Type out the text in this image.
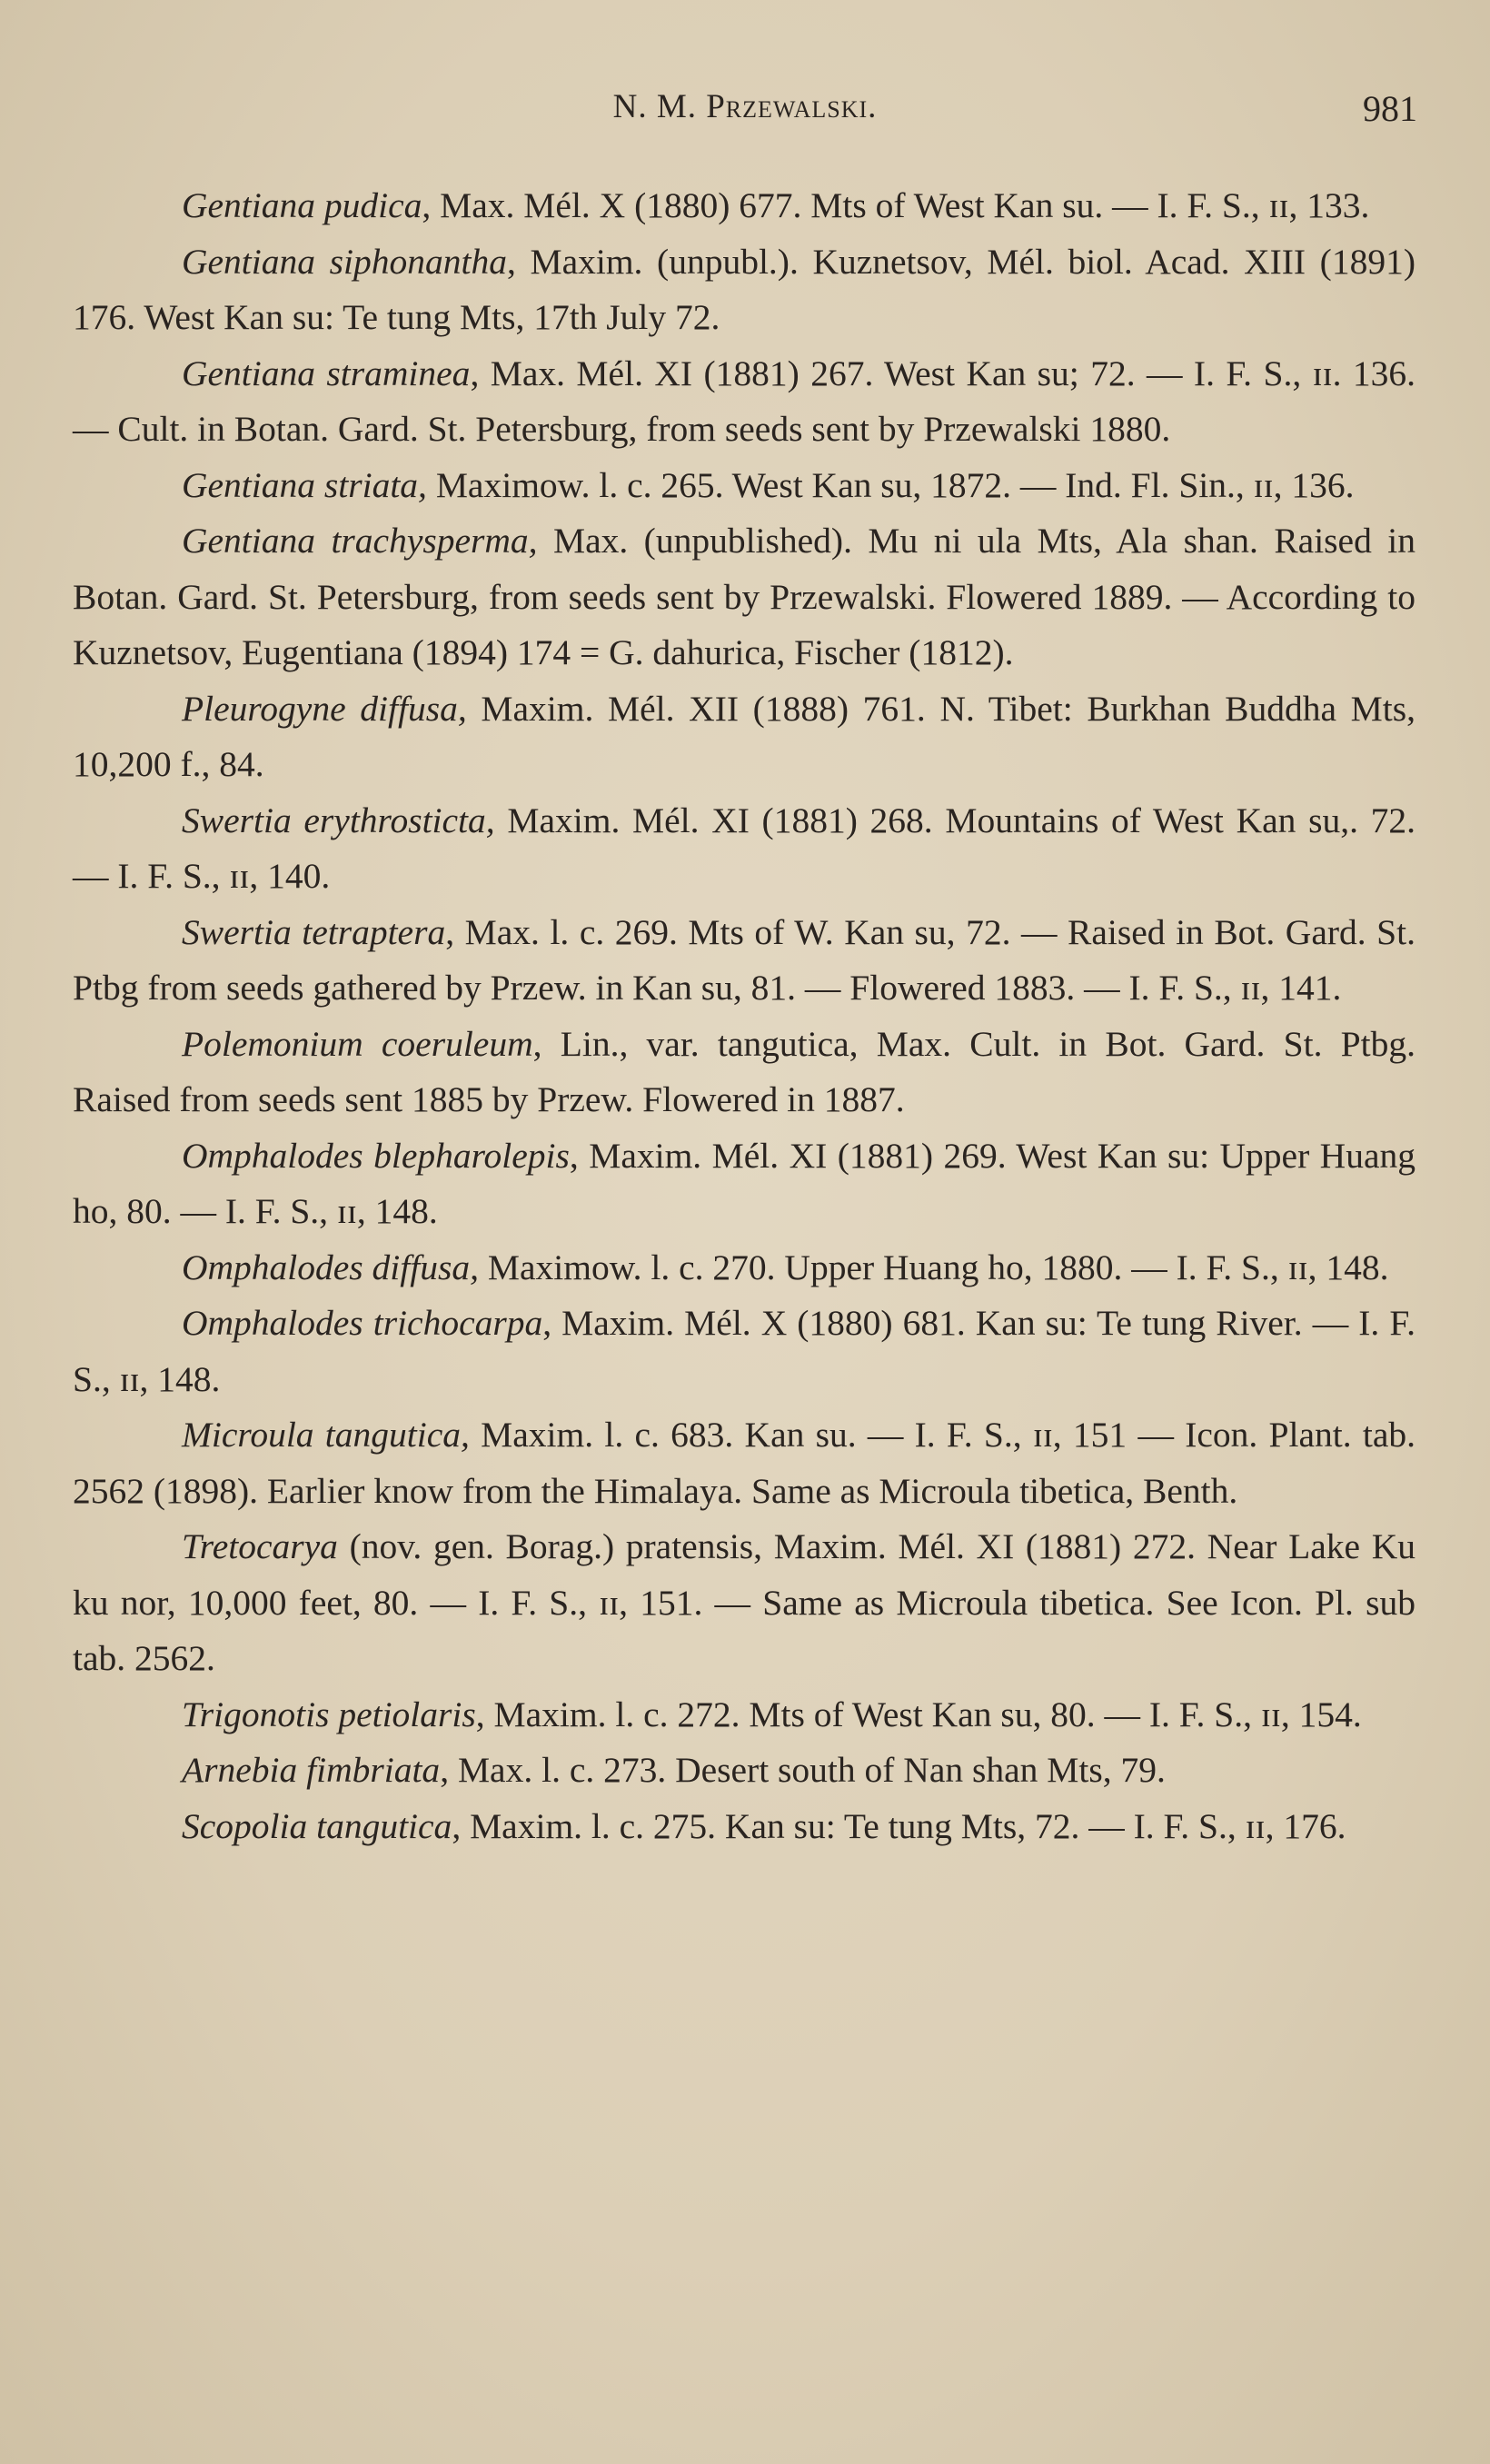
N. M. Przewalski.	981

Gentiana pudica, Max. Mél. X (1880) 677. Mts of West Kan su. — I. F. S., ɪɪ, 133.

Gentiana siphonantha, Maxim. (unpubl.). Kuznetsov, Mél. biol. Acad. XIII (1891) 176. West Kan su: Te tung Mts, 17th July 72.

Gentiana straminea, Max. Mél. XI (1881) 267. West Kan su; 72. — I. F. S., ɪɪ. 136. — Cult. in Botan. Gard. St. Petersburg, from seeds sent by Przewalski 1880.

Gentiana striata, Maximow. l. c. 265. West Kan su, 1872. — Ind. Fl. Sin., ɪɪ, 136.

Gentiana trachysperma, Max. (unpublished). Mu ni ula Mts, Ala shan. Raised in Botan. Gard. St. Petersburg, from seeds sent by Przewalski. Flowered 1889. — According to Kuznetsov, Eugentiana (1894) 174 = G. dahurica, Fischer (1812).

Pleurogyne diffusa, Maxim. Mél. XII (1888) 761. N. Tibet: Burkhan Buddha Mts, 10,200 f., 84.

Swertia erythrosticta, Maxim. Mél. XI (1881) 268. Mountains of West Kan su,. 72. — I. F. S., ɪɪ, 140.

Swertia tetraptera, Max. l. c. 269. Mts of W. Kan su, 72. — Raised in Bot. Gard. St. Ptbg from seeds gathered by Przew. in Kan su, 81. — Flowered 1883. — I. F. S., ɪɪ, 141.

Polemonium coeruleum, Lin., var. tangutica, Max. Cult. in Bot. Gard. St. Ptbg. Raised from seeds sent 1885 by Przew. Flowered in 1887.

Omphalodes blepharolepis, Maxim. Mél. XI (1881) 269. West Kan su: Upper Huang ho, 80. — I. F. S., ɪɪ, 148.

Omphalodes diffusa, Maximow. l. c. 270. Upper Huang ho, 1880. — I. F. S., ɪɪ, 148.

Omphalodes trichocarpa, Maxim. Mél. X (1880) 681. Kan su: Te tung River. — I. F. S., ɪɪ, 148.

Microula tangutica, Maxim. l. c. 683. Kan su. — I. F. S., ɪɪ, 151 — Icon. Plant. tab. 2562 (1898). Earlier know from the Himalaya. Same as Microula tibetica, Benth.

Tretocarya (nov. gen. Borag.) pratensis, Maxim. Mél. XI (1881) 272. Near Lake Ku ku nor, 10,000 feet, 80. — I. F. S., ɪɪ, 151. — Same as Microula tibetica. See Icon. Pl. sub tab. 2562.

Trigonotis petiolaris, Maxim. l. c. 272. Mts of West Kan su, 80. — I. F. S., ɪɪ, 154.

Arnebia fimbriata, Max. l. c. 273. Desert south of Nan shan Mts, 79.

Scopolia tangutica, Maxim. l. c. 275. Kan su: Te tung Mts, 72. — I. F. S., ɪɪ, 176.
